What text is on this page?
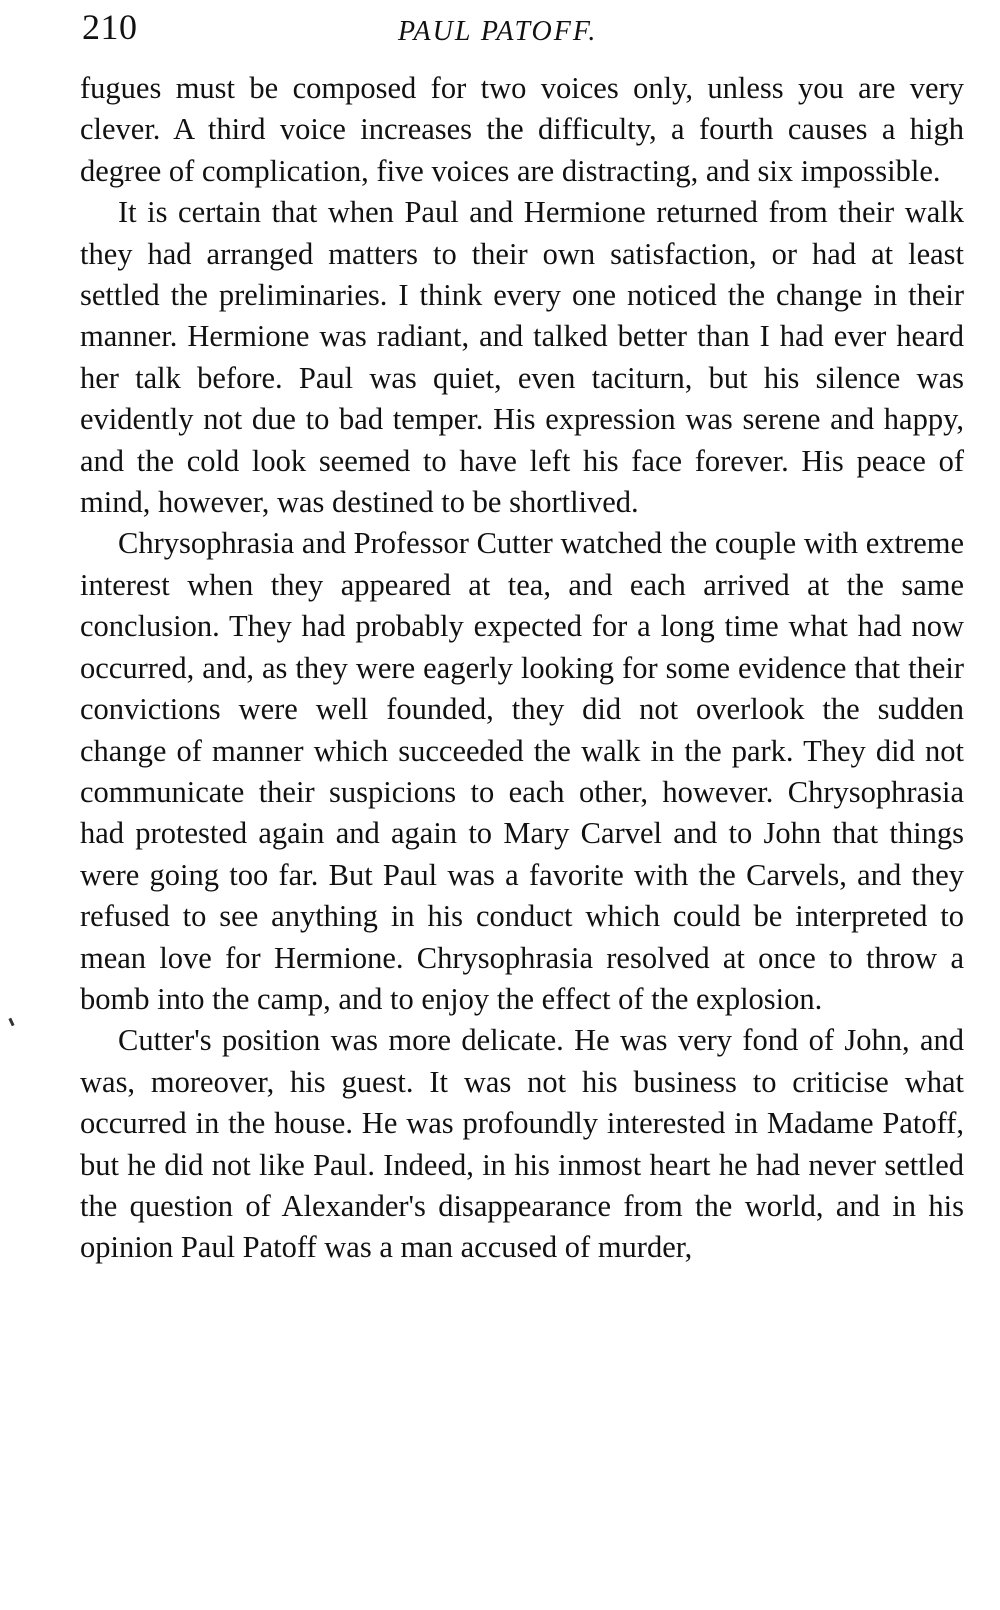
210	PAUL PATOFF.

fugues must be composed for two voices only, unless you are very clever. A third voice increases the difficulty, a fourth causes a high degree of complication, five voices are distracting, and six impossible.

It is certain that when Paul and Hermione returned from their walk they had arranged matters to their own satisfaction, or had at least settled the preliminaries. I think every one noticed the change in their manner. Hermione was radiant, and talked better than I had ever heard her talk before. Paul was quiet, even taciturn, but his silence was evidently not due to bad temper. His expression was serene and happy, and the cold look seemed to have left his face forever. His peace of mind, however, was destined to be shortlived.

Chrysophrasia and Professor Cutter watched the couple with extreme interest when they appeared at tea, and each arrived at the same conclusion. They had probably expected for a long time what had now occurred, and, as they were eagerly looking for some evidence that their convictions were well founded, they did not overlook the sudden change of manner which succeeded the walk in the park. They did not communicate their suspicions to each other, however. Chrysophrasia had protested again and again to Mary Carvel and to John that things were going too far. But Paul was a favorite with the Carvels, and they refused to see anything in his conduct which could be interpreted to mean love for Hermione. Chrysophrasia resolved at once to throw a bomb into the camp, and to enjoy the effect of the explosion.

Cutter's position was more delicate. He was very fond of John, and was, moreover, his guest. It was not his business to criticise what occurred in the house. He was profoundly interested in Madame Patoff, but he did not like Paul. Indeed, in his inmost heart he had never settled the question of Alexander's disappearance from the world, and in his opinion Paul Patoff was a man accused of murder,
